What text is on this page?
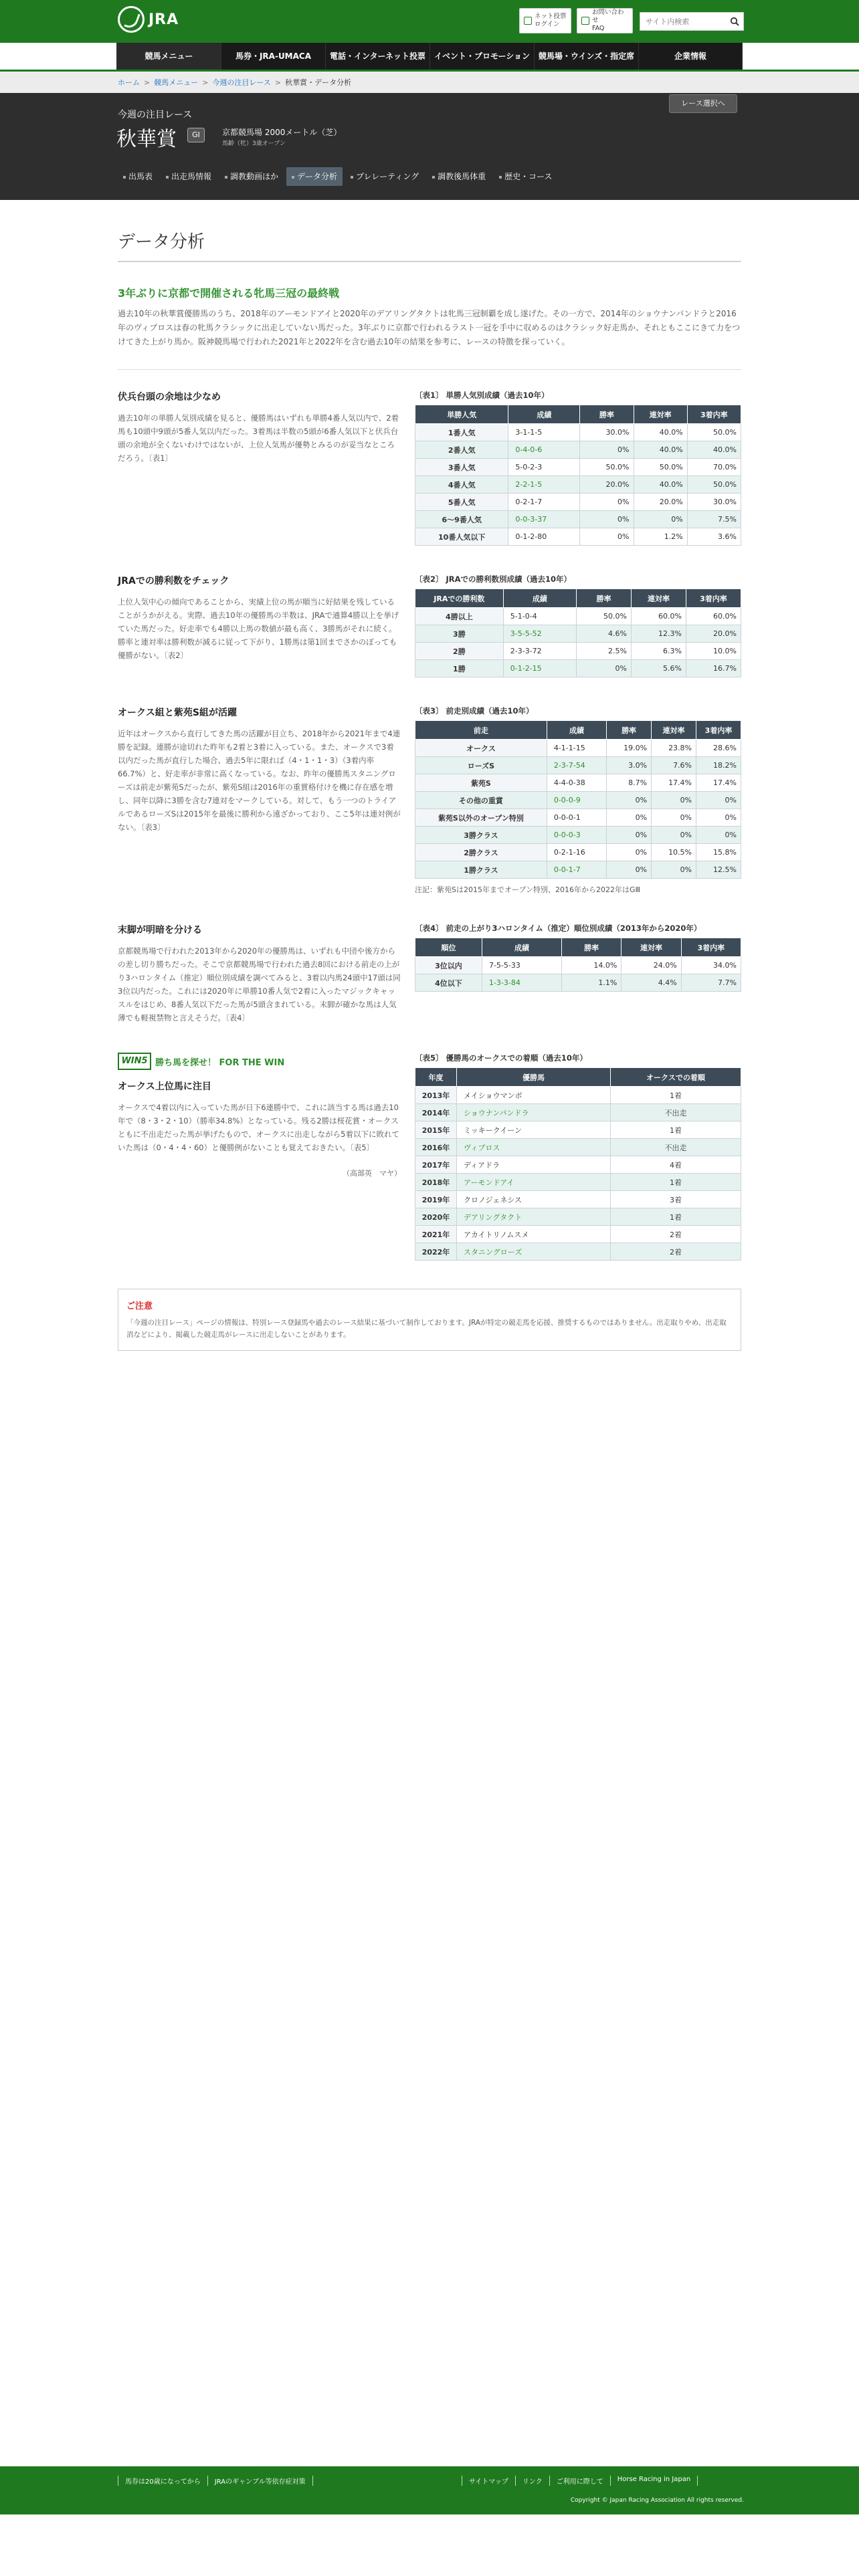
JRA	ネット投票
ログイン
お問い合わせ
FAQ
サイト内検索
競馬メニュー	馬券・JRA-UMACA	電話・インターネット投票	イベント・プロモーション	競馬場・ウインズ・指定席	企業情報
ホーム > 競馬メニュー > 今週の注目レース > 秋華賞・データ分析
今週の注目レース
秋華賞	GⅠ	京都競馬場 2000メートル（芝）
馬齢（牝）3歳オープン
レース選択へ
出馬表	出走馬情報	調教動画ほか	データ分析	プレレーティング	調教後馬体重	歴史・コース
データ分析
3年ぶりに京都で開催される牝馬三冠の最終戦

過去10年の秋華賞優勝馬のうち、2018年のアーモンドアイと2020年のデアリングタクトは牝馬三冠制覇を成し遂げた。その一方で、2014年のショウナンパンドラと2016年のヴィブロスは春の牝馬クラシックに出走していない馬だった。3年ぶりに京都で行われるラスト一冠を手中に収めるのはクラシック好走馬か、それともここにきて力をつけてきた上がり馬か。阪神競馬場で行われた2021年と2022年を含む過去10年の結果を参考に、レースの特徴を探っていく。

伏兵台頭の余地は少なめ

過去10年の単勝人気別成績を見ると、優勝馬はいずれも単勝4番人気以内で、2着馬も10頭中9頭が5番人気以内だった。3着馬は半数の5頭が6番人気以下と伏兵台頭の余地が全くないわけではないが、上位人気馬が優勢とみるのが妥当なところだろう。〔表1〕

〔表1〕 単勝人気別成績（過去10年）
単勝人気	成績	勝率	連対率	3着内率
1番人気	3-1-1-5	30.0%	40.0%	50.0%
2番人気	0-4-0-6	0%	40.0%	40.0%
3番人気	5-0-2-3	50.0%	50.0%	70.0%
4番人気	2-2-1-5	20.0%	40.0%	50.0%
5番人気	0-2-1-7	0%	20.0%	30.0%
6〜9番人気	0-0-3-37	0%	0%	7.5%
10番人気以下	0-1-2-80	0%	1.2%	3.6%
JRAでの勝利数をチェック

上位人気中心の傾向であることから、実績上位の馬が順当に好結果を残していることがうかがえる。実際、過去10年の優勝馬の半数は、JRAで通算4勝以上を挙げていた馬だった。好走率でも4勝以上馬の数値が最も高く、3勝馬がそれに続く。勝率と連対率は勝利数が減るに従って下がり、1勝馬は第1回までさかのぼっても優勝がない。〔表2〕

〔表2〕 JRAでの勝利数別成績（過去10年）
JRAでの勝利数	成績	勝率	連対率	3着内率
4勝以上	5-1-0-4	50.0%	60.0%	60.0%
3勝	3-5-5-52	4.6%	12.3%	20.0%
2勝	2-3-3-72	2.5%	6.3%	10.0%
1勝	0-1-2-15	0%	5.6%	16.7%
オークス組と紫苑S組が活躍

近年はオークスから直行してきた馬の活躍が目立ち、2018年から2021年まで4連勝を記録。連勝が途切れた昨年も2着と3着に入っている。また、オークスで3着以内だった馬が直行した場合、過去5年に限れば（4・1・1・3）（3着内率66.7%）と、好走率が非常に高くなっている。なお、昨年の優勝馬スタニングローズは前走が紫苑Sだったが、紫苑S組は2016年の重賞格付けを機に存在感を増し、同年以降に3勝を含む7連対をマークしている。対して、もう一つのトライアルであるローズSは2015年を最後に勝利から遠ざかっており、ここ5年は連対例がない。〔表3〕

〔表3〕 前走別成績（過去10年）
前走	成績	勝率	連対率	3着内率
オークス	4-1-1-15	19.0%	23.8%	28.6%
ローズS	2-3-7-54	3.0%	7.6%	18.2%
紫苑S	4-4-0-38	8.7%	17.4%	17.4%
その他の重賞	0-0-0-9	0%	0%	0%
紫苑S以外のオープン特別	0-0-0-1	0%	0%	0%
3勝クラス	0-0-0-3	0%	0%	0%
2勝クラス	0-2-1-16	0%	10.5%	15.8%
1勝クラス	0-0-1-7	0%	0%	12.5%
注記：紫苑Sは2015年までオープン特別、2016年から2022年はGⅢ
末脚が明暗を分ける

京都競馬場で行われた2013年から2020年の優勝馬は、いずれも中団や後方からの差し切り勝ちだった。そこで京都競馬場で行われた過去8回における前走の上がり3ハロンタイム（推定）順位別成績を調べてみると、3着以内馬24頭中17頭は同3位以内だった。これには2020年に単勝10番人気で2着に入ったマジックキャッスルをはじめ、8番人気以下だった馬が5頭含まれている。末脚が確かな馬は人気薄でも軽視禁物と言えそうだ。〔表4〕

〔表4〕 前走の上がり3ハロンタイム（推定）順位別成績（2013年から2020年）
順位	成績	勝率	連対率	3着内率
3位以内	7-5-5-33	14.0%	24.0%	34.0%
4位以下	1-3-3-84	1.1%	4.4%	7.7%
WIN5 勝ち馬を探せ！ FOR THE WIN
オークス上位馬に注目

オークスで4着以内に入っていた馬が日下6連勝中で、これに該当する馬は過去10年で（8・3・2・10）（勝率34.8%）となっている。残る2勝は桜花賞・オークスともに不出走だった馬が挙げたもので、オークスに出走しながら5着以下に敗れていた馬は（0・4・4・60）と優勝例がないことも覚えておきたい。〔表5〕

（高部英　マヤ）
〔表5〕 優勝馬のオークスでの着順（過去10年）
年度	優勝馬	オークスでの着順
2013年	メイショウマンボ	1着
2014年	ショウナンパンドラ	不出走
2015年	ミッキークイーン	1着
2016年	ヴィブロス	不出走
2017年	ディアドラ	4着
2018年	アーモンドアイ	1着
2019年	クロノジェネシス	3着
2020年	デアリングタクト	1着
2021年	アカイトリノムスメ	2着
2022年	スタニングローズ	2着
ご注意

「今週の注目レース」ページの情報は、特別レース登録馬や過去のレース結果に基づいて制作しております。JRAが特定の競走馬を応援、推奨するものではありません。出走取りやめ、出走取消などにより、掲載した競走馬がレースに出走しないことがあります。

馬券は20歳になってから	JRAのギャンブル等依存症対策	サイトマップ	リンク	ご利用に際して	Horse Racing in Japan
Copyright © Japan Racing Association All rights reserved.
